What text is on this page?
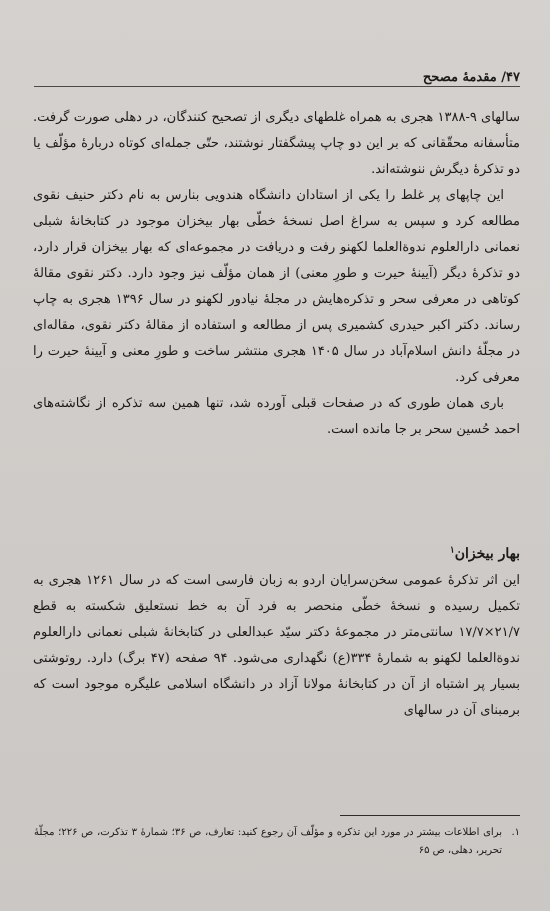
۴۷/ مقدمهٔ مصحح

سالهای ۹-۱۳۸۸ هجری به همراه غلطهای دیگری از تصحیح کنندگان، در دهلی صورت گرفت. متأسفانه محقّقانی که بر این دو چاپ پیشگفتار نوشتند، حتّی جمله‌ای کوتاه دربارهٔ مؤلّف یا دو تذکرهٔ دیگرش ننوشته‌اند.

این چاپهای پر غلط را یکی از استادان دانشگاه هندویی بنارس به نام دکتر حنیف نقوی مطالعه کرد و سپس به سراغ اصل نسخهٔ خطّی بهار بیخزان موجود در کتابخانهٔ شبلی نعمانی دارالعلوم ندوة‌العلما لکهنو رفت و دریافت در مجموعه‌ای که بهار بیخزان قرار دارد، دو تذکرهٔ دیگر (آیینهٔ حیرت و طورِ معنی) از همان مؤلّف نیز وجود دارد. دکتر نقوی مقالهٔ کوتاهی در معرفی سحر و تذکره‌هایش در مجلهٔ نیادور لکهنو در سال ۱۳۹۶ هجری به چاپ رساند. دکتر اکبر حیدری کشمیری پس از مطالعه و استفاده از مقالهٔ دکتر نقوی، مقاله‌ای در مجلّهٔ دانش اسلام‌آباد در سال ۱۴۰۵ هجری منتشر ساخت و طورِ معنی و آیینهٔ حیرت را معرفی کرد.

باری همان طوری که در صفحات قبلی آورده شد، تنها همین سه تذکره از نگاشته‌های احمد حُسین سحر بر جا مانده است.

بهار بیخزان$^۱$

این اثر تذکرهٔ عمومی سخن‌سرایان اردو به زبان فارسی است که در سال ۱۲۶۱ هجری به تکمیل رسیده و نسخهٔ خطّی منحصر به فرد آن به خط نستعلیق شکسته به قطع ۲۱/۷×۱۷/۷ سانتی‌متر در مجموعهٔ دکتر سیّد عبدالعلی در کتابخانهٔ شبلی نعمانی دارالعلوم ندوة‌العلما لکهنو به شمارهٔ ۳۳۴(ع) نگهداری می‌شود. ۹۴ صفحه (۴۷ برگ) دارد. روتوشتی بسیار پر اشتباه از آن در کتابخانهٔ مولانا آزاد در دانشگاه اسلامی علیگره موجود است که برمبنای آن در سالهای

۱.
برای اطلاعات بیشتر در مورد این تذکره و مؤلّف آن رجوع کنید: تعارف، ص ۳۶؛ شمارهٔ ۳ تذکرت، ص ۲۲۶؛ مجلّهٔ تحریر، دهلی، ص ۶۵
